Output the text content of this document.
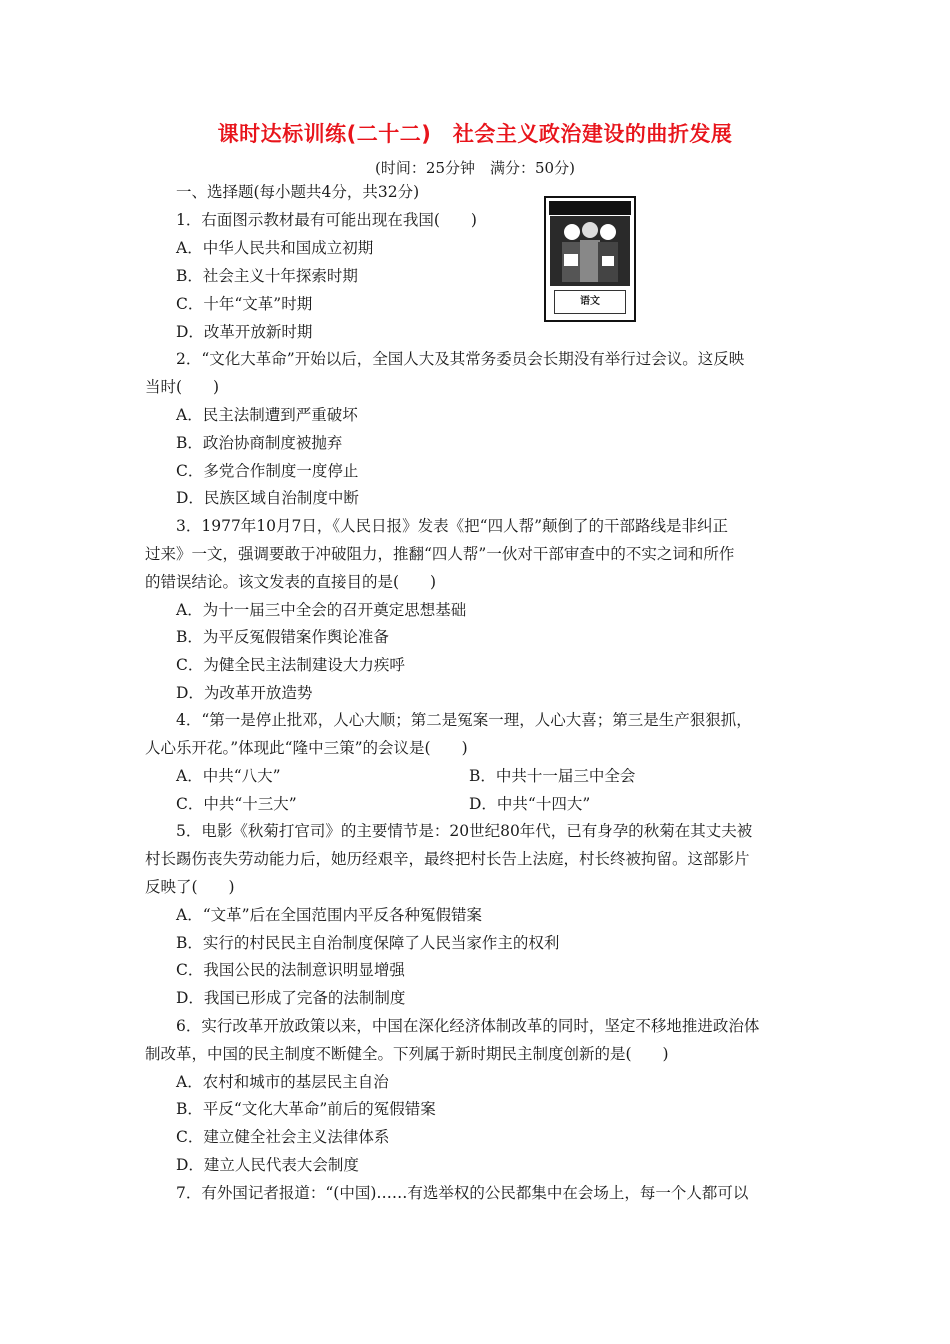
课时达标训练(二十二)　社会主义政治建设的曲折发展
(时间：25分钟　满分：50分)
一、选择题(每小题共4分，共32分)
语文
1．右面图示教材最有可能出现在我国(　　)
A．中华人民共和国成立初期
B．社会主义十年探索时期
C．十年“文革”时期
D．改革开放新时期
2．“文化大革命”开始以后，全国人大及其常务委员会长期没有举行过会议。这反映
当时(　　)
A．民主法制遭到严重破坏
B．政治协商制度被抛弃
C．多党合作制度一度停止
D．民族区域自治制度中断
3．1977年10月7日，《人民日报》发表《把“四人帮”颠倒了的干部路线是非纠正
过来》一文，强调要敢于冲破阻力，推翻“四人帮”一伙对干部审查中的不实之词和所作
的错误结论。该文发表的直接目的是(　　)
A．为十一届三中全会的召开奠定思想基础
B．为平反冤假错案作舆论准备
C．为健全民主法制建设大力疾呼
D．为改革开放造势
4．“第一是停止批邓，人心大顺；第二是冤案一理，人心大喜；第三是生产狠狠抓，
人心乐开花。”体现此“隆中三策”的会议是(　　)
A．中共“八大”	B．中共十一届三中全会
C．中共“十三大”	D．中共“十四大”
5．电影《秋菊打官司》的主要情节是：20世纪80年代，已有身孕的秋菊在其丈夫被
村长踢伤丧失劳动能力后，她历经艰辛，最终把村长告上法庭，村长终被拘留。这部影片
反映了(　　)
A．“文革”后在全国范围内平反各种冤假错案
B．实行的村民民主自治制度保障了人民当家作主的权利
C．我国公民的法制意识明显增强
D．我国已形成了完备的法制制度
6．实行改革开放政策以来，中国在深化经济体制改革的同时，坚定不移地推进政治体
制改革，中国的民主制度不断健全。下列属于新时期民主制度创新的是(　　)
A．农村和城市的基层民主自治
B．平反“文化大革命”前后的冤假错案
C．建立健全社会主义法律体系
D．建立人民代表大会制度
7．有外国记者报道：“(中国)……有选举权的公民都集中在会场上，每一个人都可以
